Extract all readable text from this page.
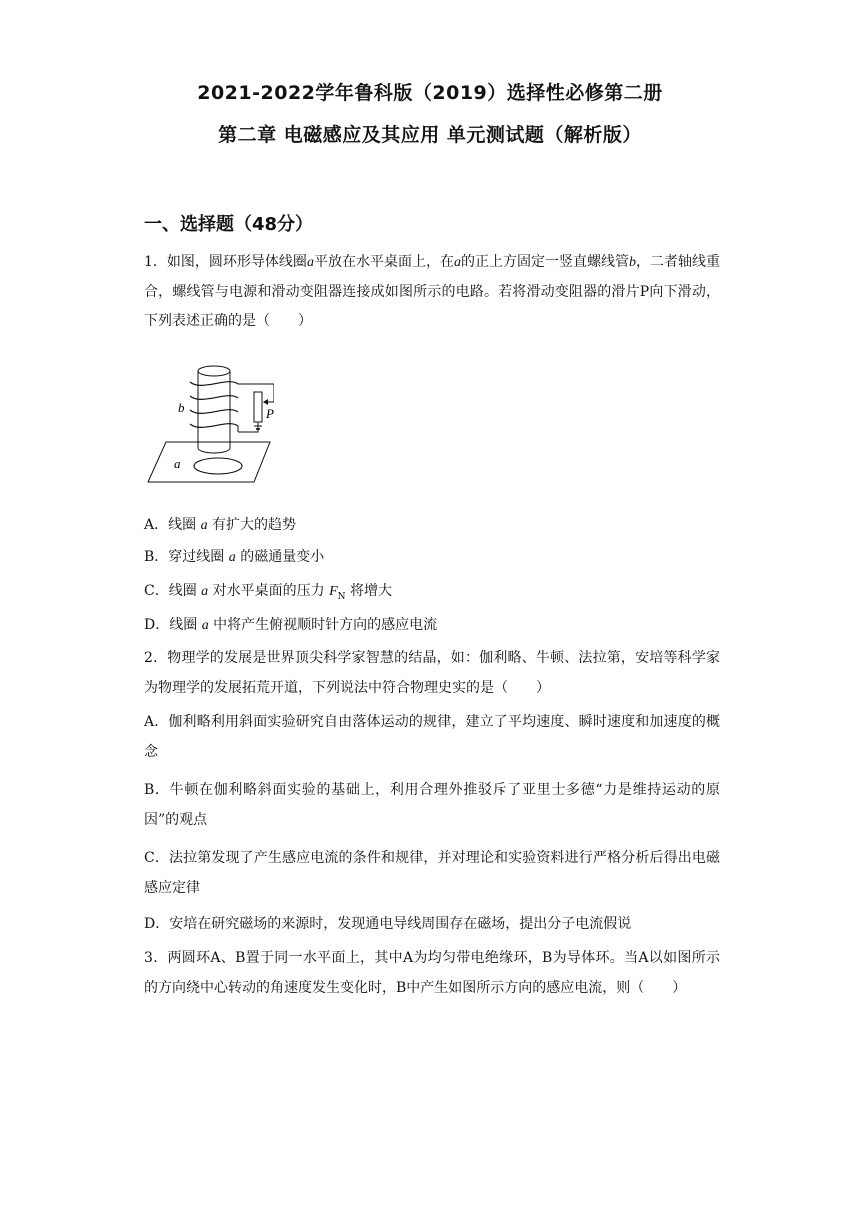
2021-2022学年鲁科版（2019）选择性必修第二册
第二章 电磁感应及其应用 单元测试题（解析版）
一、选择题（48分）
1．如图，圆环形导体线圈a平放在水平桌面上，在a的正上方固定一竖直螺线管b，二者轴线重合，螺线管与电源和滑动变阻器连接成如图所示的电路。若将滑动变阻器的滑片P向下滑动，下列表述正确的是（　　）
b	P
a
A．线圈 a 有扩大的趋势
B．穿过线圈 a 的磁通量变小
C．线圈 a 对水平桌面的压力 $F_N$ 将增大
D．线圈 a 中将产生俯视顺时针方向的感应电流
2．物理学的发展是世界顶尖科学家智慧的结晶，如：伽利略、牛顿、法拉第，安培等科学家为物理学的发展拓荒开道，下列说法中符合物理史实的是（　　）
A．伽利略利用斜面实验研究自由落体运动的规律，建立了平均速度、瞬时速度和加速度的概念
B．牛顿在伽利略斜面实验的基础上，利用合理外推驳斥了亚里士多德“力是维持运动的原因”的观点
C．法拉第发现了产生感应电流的条件和规律，并对理论和实验资料进行严格分析后得出电磁感应定律
D．安培在研究磁场的来源时，发现通电导线周围存在磁场，提出分子电流假说
3．两圆环A、B置于同一水平面上，其中A为均匀带电绝缘环，B为导体环。当A以如图所示的方向绕中心转动的角速度发生变化时，B中产生如图所示方向的感应电流，则（　　）
